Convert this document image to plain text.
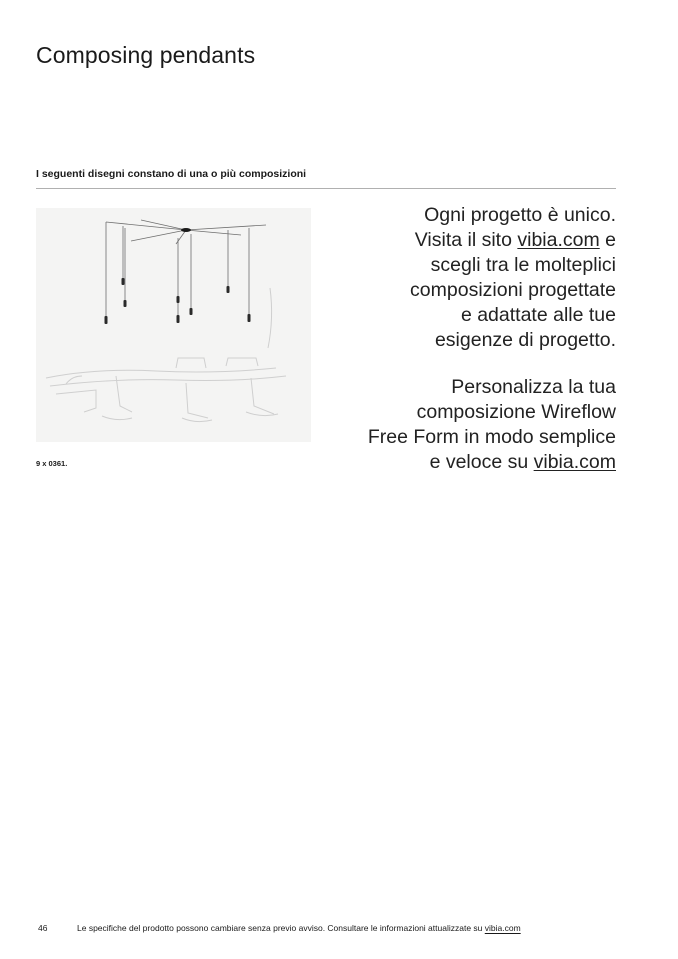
Composing pendants
I seguenti disegni constano di una o più composizioni
9 x 0361.
Ogni progetto è unico.
Visita il sito vibia.com e
scegli tra le molteplici
composizioni progettate
e adattate alle tue
esigenze di progetto.
Personalizza la tua
composizione Wireflow
Free Form in modo semplice
e veloce su vibia.com
46	Le specifiche del prodotto possono cambiare senza previo avviso. Consultare le informazioni attualizzate su vibia.com
